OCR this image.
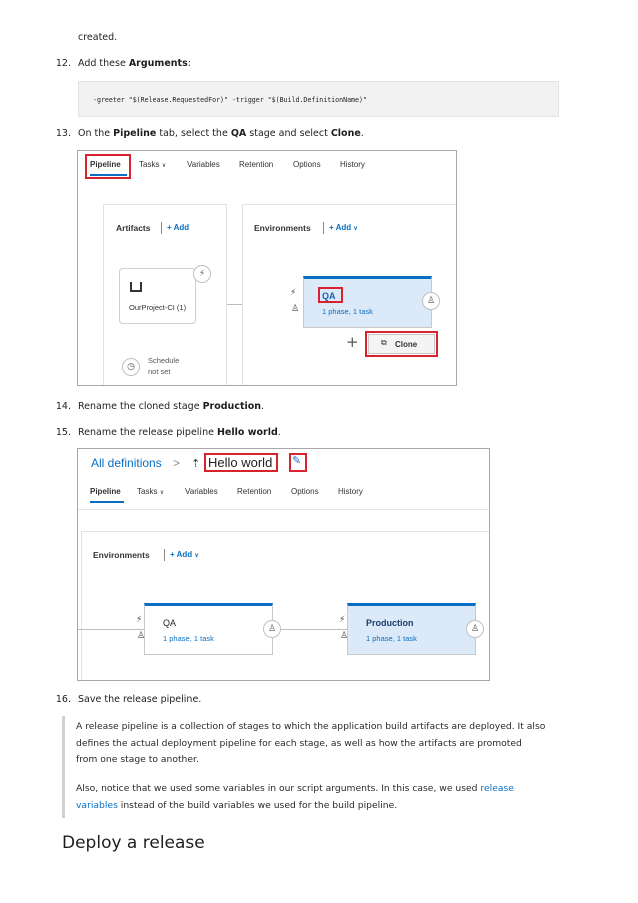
created.
12. Add these Arguments:
-greeter "$(Release.RequestedFor)" -trigger "$(Build.DefinitionName)"
13. On the Pipeline tab, select the QA stage and select Clone.
Pipeline Tasks ∨	Variables Retention Options History
Artifacts + Add
OurProject-CI (1)
⚡
◷
Schedule
not set
Environments + Add ∨
QA
1 phase, 1 task
⚡
♙
♙
+	⧉ Clone
14. Rename the cloned stage Production.
15. Rename the release pipeline Hello world.
All definitions > ⇡ Hello world ✎
Pipeline Tasks ∨	Variables Retention Options History
Environments	+ Add ∨
QA
1 phase, 1 task
⚡
♙
♙
Production
1 phase, 1 task
⚡
♙
♙
16. Save the release pipeline.
A release pipeline is a collection of stages to which the application build artifacts are deployed. It also defines the actual deployment pipeline for each stage, as well as how the artifacts are promoted from one stage to another.
Also, notice that we used some variables in our script arguments. In this case, we used release variables instead of the build variables we used for the build pipeline.
Deploy a release
